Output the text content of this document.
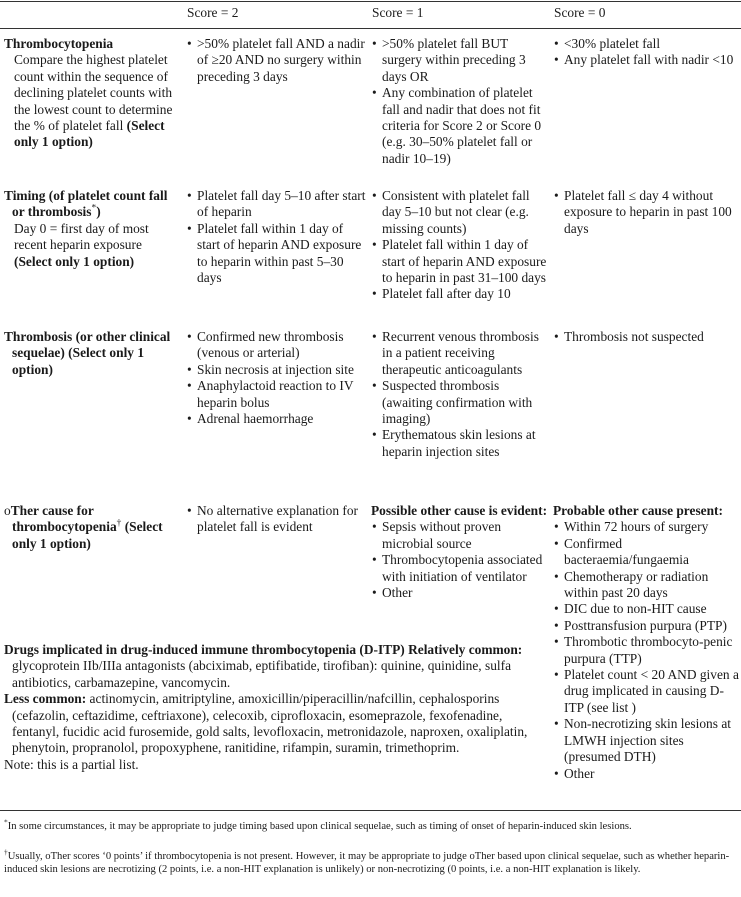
Score = 2	Score = 1	Score = 0
Thrombocytopenia
Compare the highest platelet count within the sequence of declining platelet counts with the lowest count to determine the % of platelet fall (Select only 1 option)
• >50% platelet fall AND a nadir of ≥20 AND no surgery within preceding 3 days
• >50% platelet fall BUT surgery within preceding 3 days OR
• Any combination of platelet fall and nadir that does not fit criteria for Score 2 or Score 0 (e.g. 30–50% platelet fall or nadir 10–19)
• <30% platelet fall
• Any platelet fall with nadir <10
Timing (of platelet count fall or thrombosis*)
Day 0 = first day of most recent heparin exposure (Select only 1 option)
• Platelet fall day 5–10 after start of heparin
• Platelet fall within 1 day of start of heparin AND exposure to heparin within past 5–30 days
• Consistent with platelet fall day 5–10 but not clear (e.g. missing counts)
• Platelet fall within 1 day of start of heparin AND exposure to heparin in past 31–100 days
• Platelet fall after day 10
• Platelet fall ≤ day 4 without exposure to heparin in past 100 days
Thrombosis (or other clinical sequelae) (Select only 1 option)
• Confirmed new thrombosis (venous or arterial)
• Skin necrosis at injection site
• Anaphylactoid reaction to IV heparin bolus
• Adrenal haemorrhage
• Recurrent venous thrombosis in a patient receiving therapeutic anticoagulants
• Suspected thrombosis (awaiting confirmation with imaging)
• Erythematous skin lesions at heparin injection sites
• Thrombosis not suspected
oTher cause for thrombocytopenia† (Select only 1 option)
• No alternative explanation for platelet fall is evident
Possible other cause is evident:
• Sepsis without proven microbial source
• Thrombocytopenia associated with initiation of ventilator
• Other
Probable other cause present:
• Within 72 hours of surgery
• Confirmed bacteraemia/fungaemia
• Chemotherapy or radiation within past 20 days
• DIC due to non-HIT cause
• Posttransfusion purpura (PTP)
• Thrombotic thrombocyto-penic purpura (TTP)
• Platelet count < 20 AND given a drug implicated in causing D-ITP (see list )
• Non-necrotizing skin lesions at LMWH injection sites (presumed DTH)
• Other
Drugs implicated in drug-induced immune thrombocytopenia (D-ITP) Relatively common: glycoprotein IIb/IIIa antagonists (abciximab, eptifibatide, tirofiban): quinine, quinidine, sulfa antibiotics, carbamazepine, vancomycin.
Less common: actinomycin, amitriptyline, amoxicillin/piperacillin/nafcillin, cephalosporins (cefazolin, ceftazidime, ceftriaxone), celecoxib, ciprofloxacin, esomeprazole, fexofenadine, fentanyl, fucidic acid furosemide, gold salts, levofloxacin, metronidazole, naproxen, oxaliplatin, phenytoin, propranolol, propoxyphene, ranitidine, rifampin, suramin, trimethoprim.
Note: this is a partial list.
*In some circumstances, it may be appropriate to judge timing based upon clinical sequelae, such as timing of onset of heparin-induced skin lesions.
†Usually, oTher scores ‘0 points’ if thrombocytopenia is not present. However, it may be appropriate to judge oTher based upon clinical sequelae, such as whether heparin-induced skin lesions are necrotizing (2 points, i.e. a non-HIT explanation is unlikely) or non-necrotizing (0 points, i.e. a non-HIT explanation is likely.
